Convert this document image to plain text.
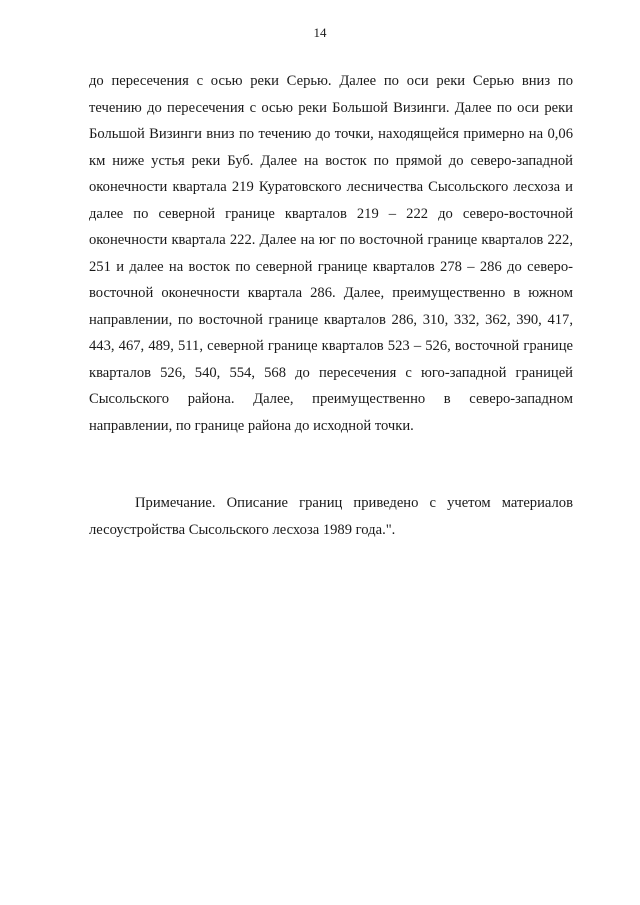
14

до пересечения с осью реки Серью. Далее по оси реки Серью вниз по течению до пересечения с осью реки Большой Визинги. Далее по оси реки Большой Визинги вниз по течению до точки, находящейся примерно на 0,06 км ниже устья реки Буб. Далее на восток по прямой до северо-западной оконечности квартала 219 Куратовского лесничества Сысольского лесхоза и далее по северной границе кварталов 219 – 222 до северо-восточной оконечности квартала 222. Далее на юг по восточной границе кварталов 222, 251 и далее на восток по северной границе кварталов 278 – 286 до северо-восточной оконечности квартала 286. Далее, преимущественно в южном направлении, по восточной границе кварталов 286, 310, 332, 362, 390, 417, 443, 467, 489, 511, северной границе кварталов 523 – 526, восточной границе кварталов 526, 540, 554, 568 до пересечения с юго-западной границей Сысольского района. Далее, преимущественно в северо-западном направлении, по границе района до исходной точки.

Примечание. Описание границ приведено с учетом материалов лесоустройства Сысольского лесхоза 1989 года.".
